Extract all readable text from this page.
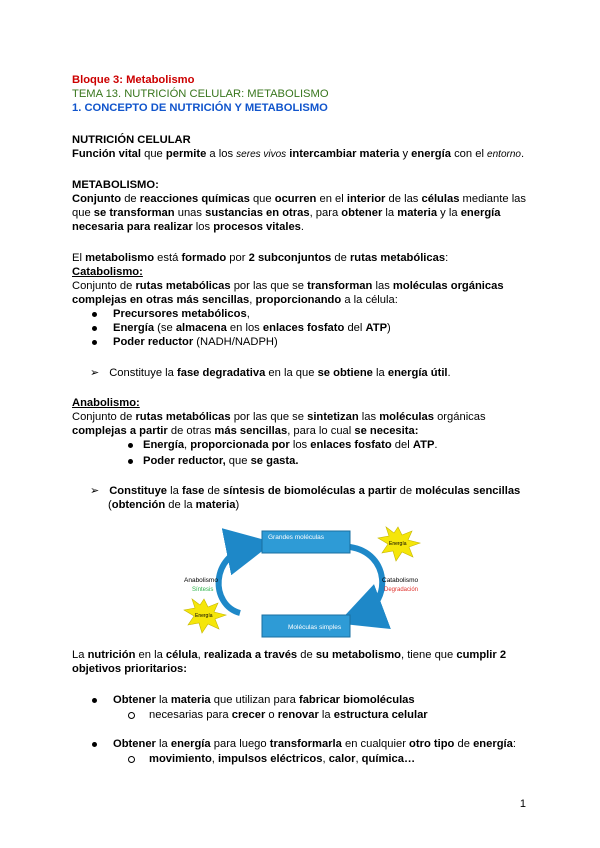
Bloque 3: Metabolismo
TEMA 13. NUTRICIÓN CELULAR: METABOLISMO
1. CONCEPTO DE NUTRICIÓN Y METABOLISMO
NUTRICIÓN CELULAR
Función vital que permite a los seres vivos intercambiar materia y energía con el entorno.
METABOLISMO:
Conjunto de reacciones químicas que ocurren en el interior de las células mediante las
que se transforman unas sustancias en otras, para obtener la materia y la energía
necesaria para realizar los procesos vitales.
El metabolismo está formado por 2 subconjuntos de rutas metabólicas:
Catabolismo:
Conjunto de rutas metabólicas por las que se transforman las moléculas orgánicas
complejas en otras más sencillas, proporcionando a la célula:
Precursores metabólicos,
Energía (se almacena en los enlaces fosfato del ATP)
Poder reductor (NADH/NADPH)
➢ Constituye la fase degradativa en la que se obtiene la energía útil.
Anabolismo:
Conjunto de rutas metabólicas por las que se sintetizan las moléculas orgánicas
complejas a partir de otras más sencillas, para lo cual se necesita:
Energía, proporcionada por los enlaces fosfato del ATP.
Poder reductor, que se gasta.
➢ Constituye la fase de síntesis de biomoléculas a partir de moléculas sencillas
(obtención de la materia)
Grandes moléculas
Moléculas simples
Anabolismo
Síntesis
Catabolismo
Degradación
Energía
Energía
La nutrición en la célula, realizada a través de su metabolismo, tiene que cumplir 2
objetivos prioritarios:
Obtener la materia que utilizan para fabricar biomoléculas
necesarias para crecer o renovar la estructura celular
Obtener la energía para luego transformarla en cualquier otro tipo de energía:
movimiento, impulsos eléctricos, calor, química…
1
